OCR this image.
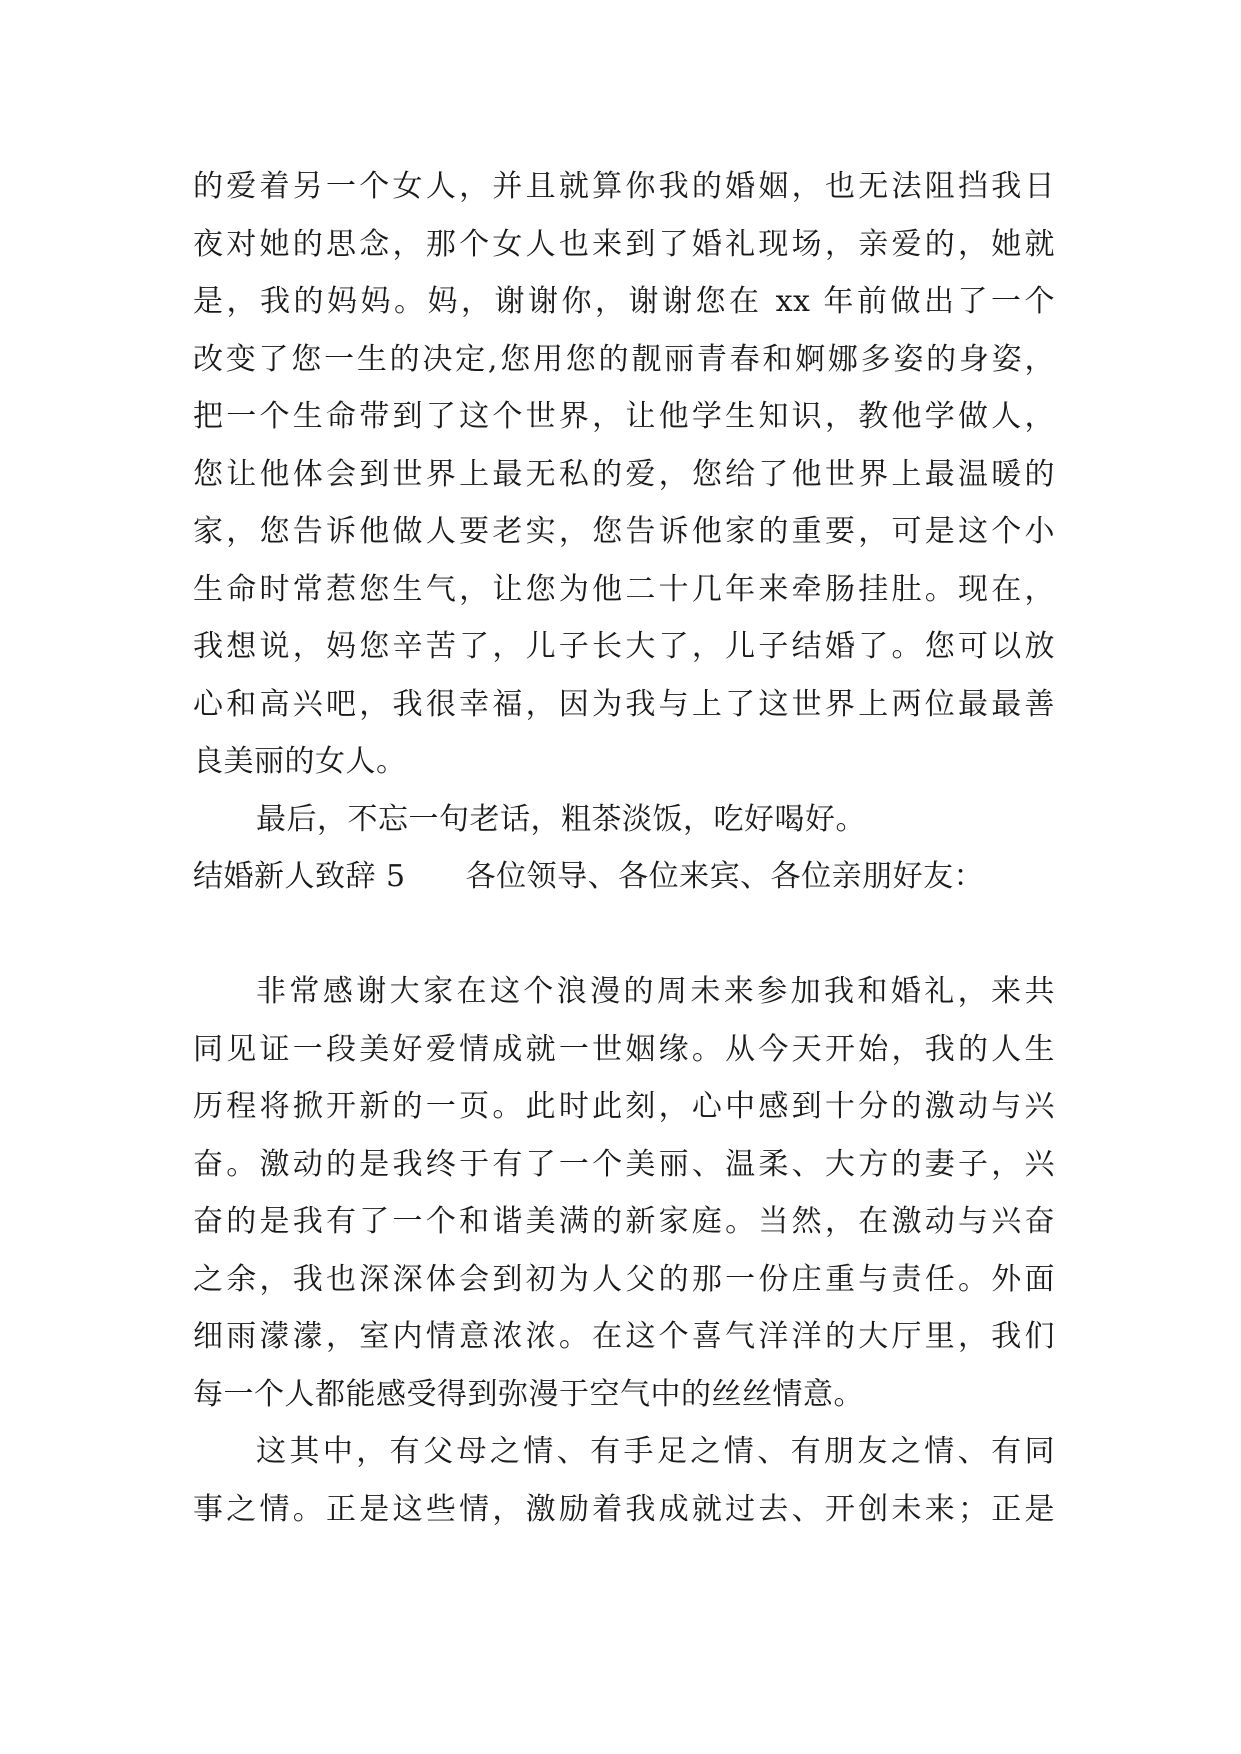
的爱着另一个女人，并且就算你我的婚姻，也无法阻挡我日
夜对她的思念，那个女人也来到了婚礼现场，亲爱的，她就
是，我的妈妈。妈，谢谢你，谢谢您在 xx 年前做出了一个
改变了您一生的决定,您用您的靓丽青春和婀娜多姿的身姿，
把一个生命带到了这个世界，让他学生知识，教他学做人，
您让他体会到世界上最无私的爱，您给了他世界上最温暖的
家，您告诉他做人要老实，您告诉他家的重要，可是这个小
生命时常惹您生气，让您为他二十几年来牵肠挂肚。现在，
我想说，妈您辛苦了，儿子长大了，儿子结婚了。您可以放
心和高兴吧，我很幸福，因为我与上了这世界上两位最最善
良美丽的女人。
最后，不忘一句老话，粗茶淡饭，吃好喝好。
结婚新人致辞 5 各位领导、各位来宾、各位亲朋好友：
非常感谢大家在这个浪漫的周未来参加我和婚礼，来共
同见证一段美好爱情成就一世姻缘。从今天开始，我的人生
历程将掀开新的一页。此时此刻，心中感到十分的激动与兴
奋。激动的是我终于有了一个美丽、温柔、大方的妻子，兴
奋的是我有了一个和谐美满的新家庭。当然，在激动与兴奋
之余，我也深深体会到初为人父的那一份庄重与责任。外面
细雨濛濛，室内情意浓浓。在这个喜气洋洋的大厅里，我们
每一个人都能感受得到弥漫于空气中的丝丝情意。
这其中，有父母之情、有手足之情、有朋友之情、有同
事之情。正是这些情，激励着我成就过去、开创未来；正是
